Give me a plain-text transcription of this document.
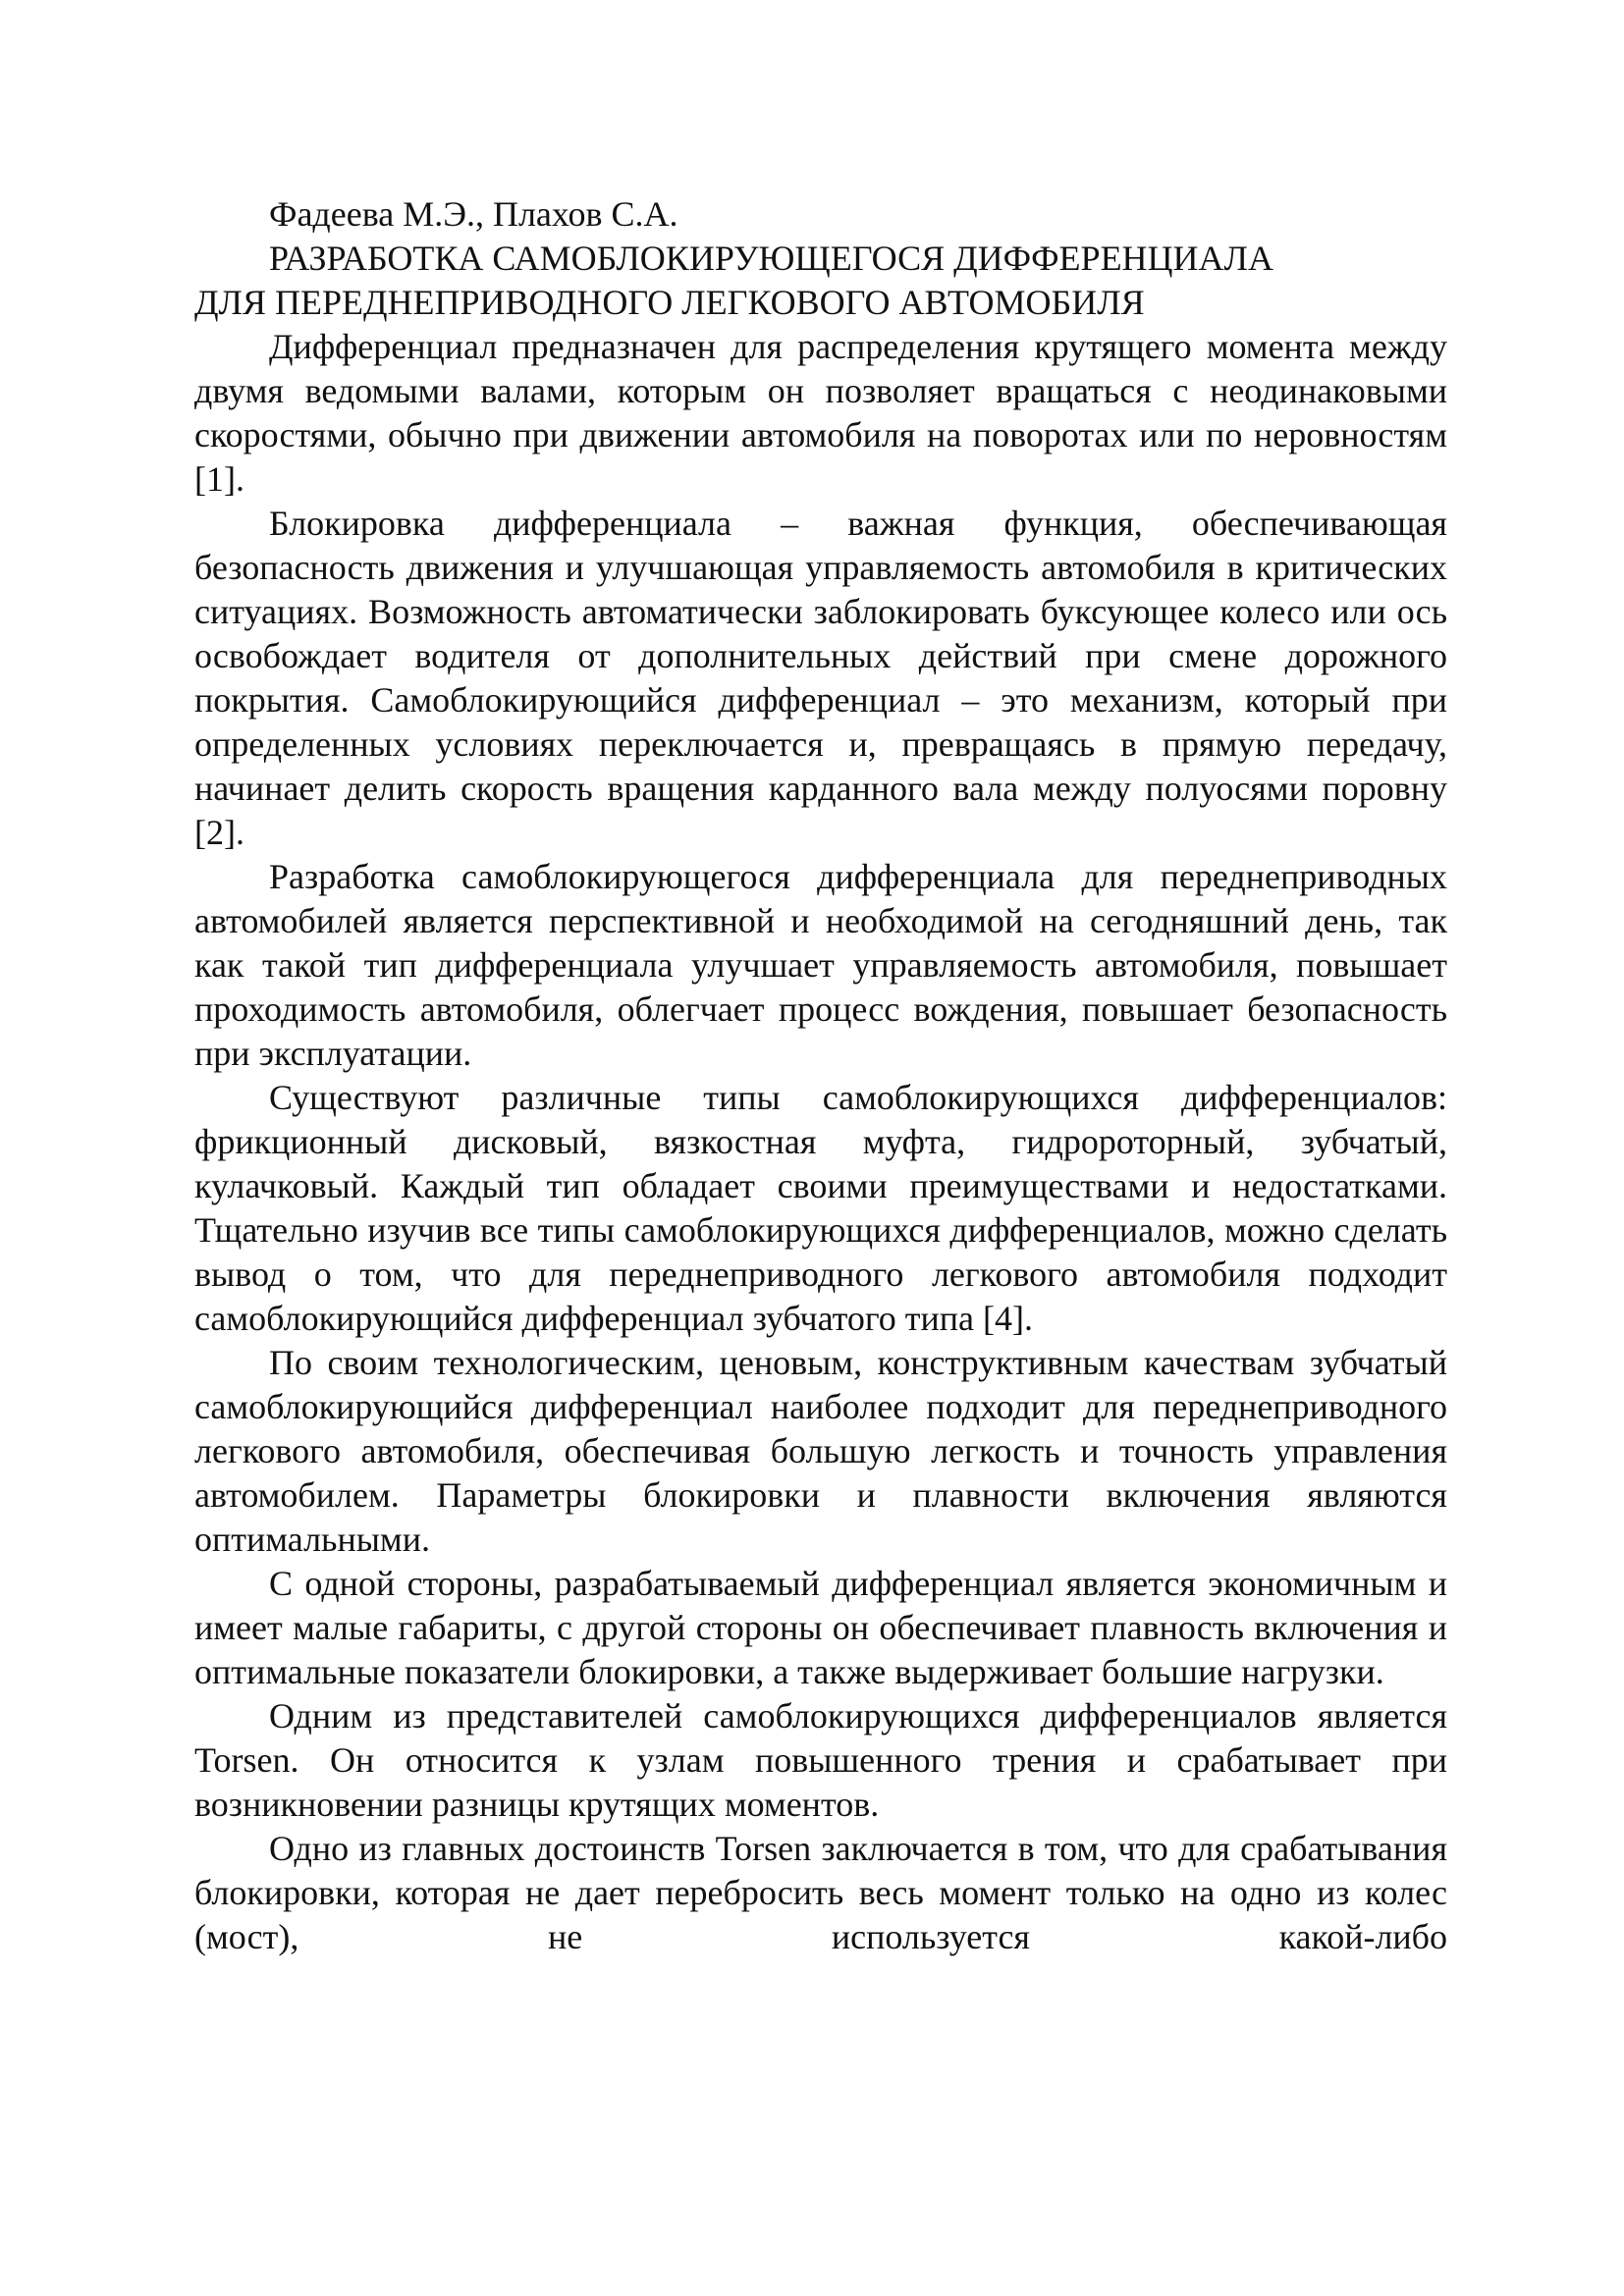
Фадеева М.Э., Плахов С.А.

РАЗРАБОТКА САМОБЛОКИРУЮЩЕГОСЯ ДИФФЕРЕНЦИАЛА

ДЛЯ ПЕРЕДНЕПРИВОДНОГО ЛЕГКОВОГО АВТОМОБИЛЯ

Дифференциал предназначен для распределения крутящего момента между двумя ведомыми валами, которым он позволяет вращаться с неодинаковыми скоростями, обычно при движении автомобиля на поворотах или по неровностям [1].

Блокировка дифференциала – важная функция, обеспечивающая безопасность движения и улучшающая управляемость автомобиля в критических ситуациях. Возможность автоматически заблокировать буксующее колесо или ось освобождает водителя от дополнительных действий при смене дорожного покрытия. Самоблокирующийся дифференциал – это механизм, который при определенных условиях переключается и, превращаясь в прямую передачу, начинает делить скорость вращения карданного вала между полуосями поровну [2].

Разработка самоблокирующегося дифференциала для переднеприводных автомобилей является перспективной и необходимой на сегодняшний день, так как такой тип дифференциала улучшает управляемость автомобиля, повышает проходимость автомобиля, облегчает процесс вождения, повышает безопасность при эксплуатации.

Существуют различные типы самоблокирующихся дифференциалов: фрикционный дисковый, вязкостная муфта, гидророторный, зубчатый, кулачковый. Каждый тип обладает своими преимуществами и недостатками. Тщательно изучив все типы самоблокирующихся дифференциалов, можно сделать вывод о том, что для переднеприводного легкового автомобиля подходит самоблокирующийся дифференциал зубчатого типа [4].

По своим технологическим, ценовым, конструктивным качествам зубчатый самоблокирующийся дифференциал наиболее подходит для переднеприводного легкового автомобиля, обеспечивая большую легкость и точность управления автомобилем. Параметры блокировки и плавности включения являются оптимальными.

С одной стороны, разрабатываемый дифференциал является экономичным и имеет малые габариты, с другой стороны он обеспечивает плавность включения и оптимальные показатели блокировки, а также выдерживает большие нагрузки.

Одним из представителей самоблокирующихся дифференциалов является Torsen. Он относится к узлам повышенного трения и срабатывает при возникновении разницы крутящих моментов.

Одно из главных достоинств Torsen заключается в том, что для срабатывания блокировки, которая не дает перебросить весь момент только на одно из колес (мост), не используется какой-либо
